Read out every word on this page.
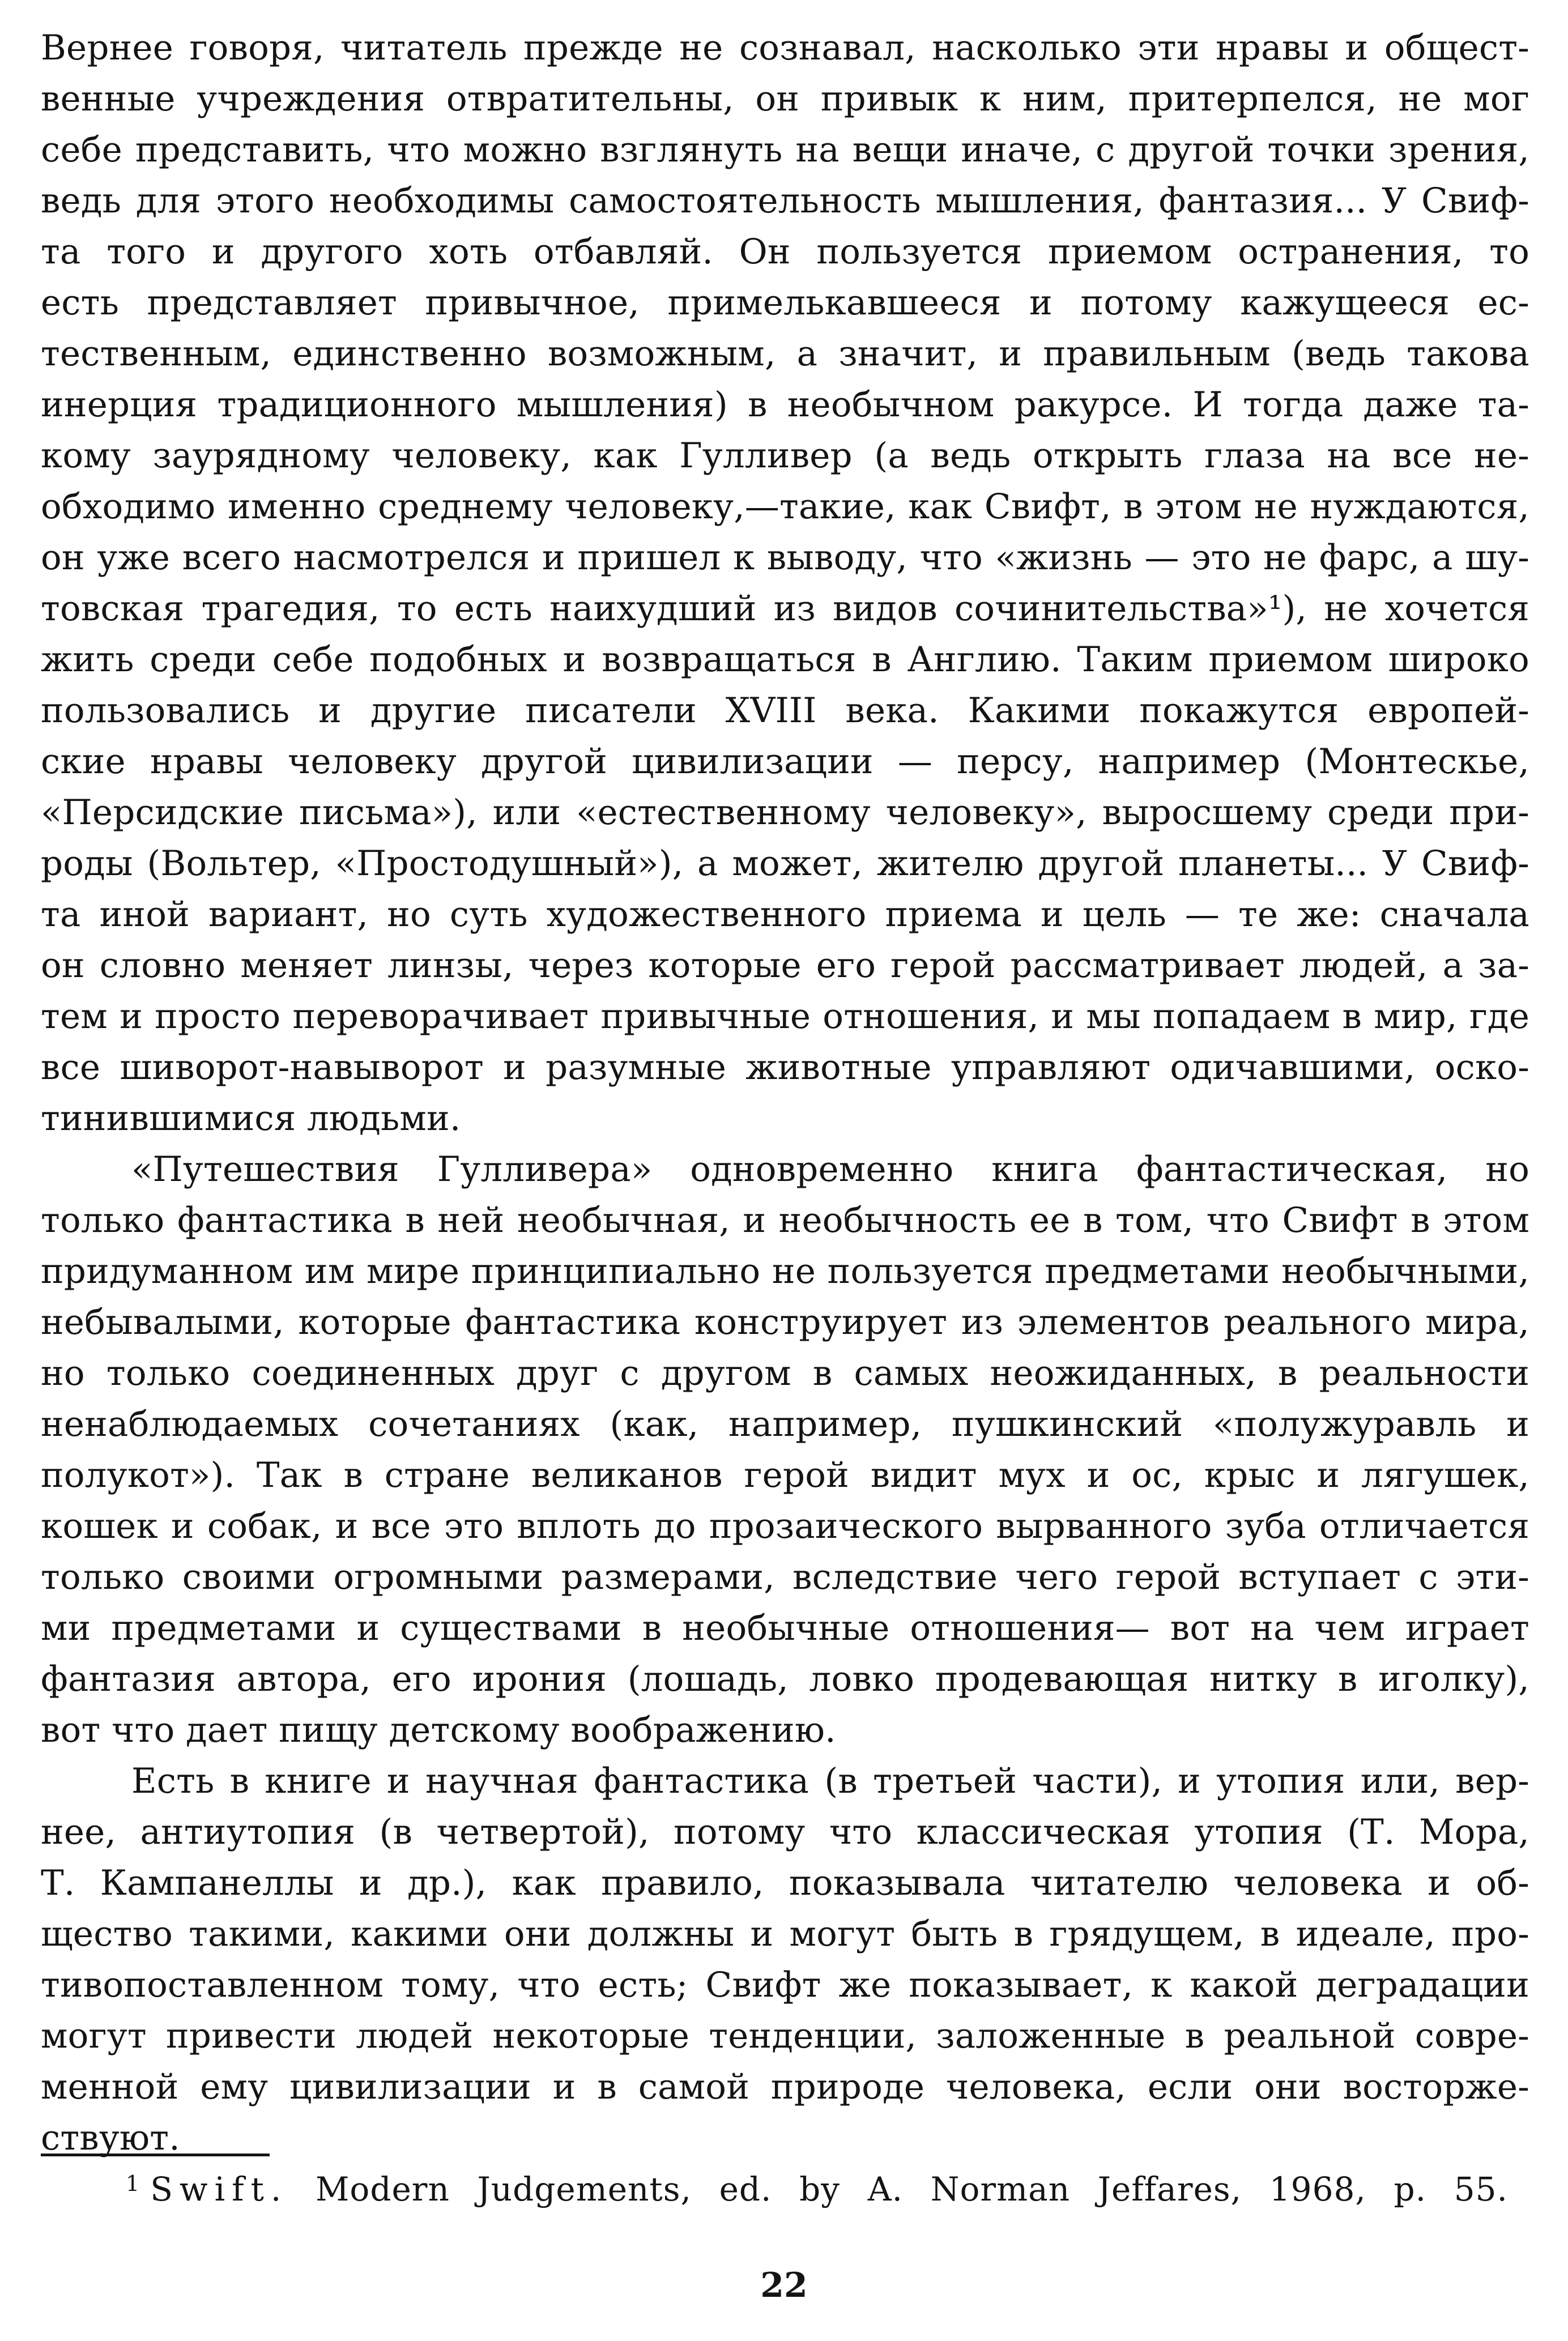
Вернее говоря, читатель прежде не сознавал, насколько эти нравы и общест-
венные учреждения отвратительны, он привык к ним, притерпелся, не мог
себе представить, что можно взглянуть на вещи иначе, с другой точки зрения,
ведь для этого необходимы самостоятельность мышления, фантазия... У Свиф-
та того и другого хоть отбавляй. Он пользуется приемом остранения, то
есть представляет привычное, примелькавшееся и потому кажущееся ес-
тественным, единственно возможным, а значит, и правильным (ведь такова
инерция традиционного мышления) в необычном ракурсе. И тогда даже та-
кому заурядному человеку, как Гулливер (а ведь открыть глаза на все не-
обходимо именно среднему человеку,—такие, как Свифт, в этом не нуждаются,
он уже всего насмотрелся и пришел к выводу, что «жизнь — это не фарс, а шу-
товская трагедия, то есть наихудший из видов сочинительства»¹), не хочется
жить среди себе подобных и возвращаться в Англию. Таким приемом широко
пользовались и другие писатели XVIII века. Какими покажутся европей-
ские нравы человеку другой цивилизации — персу, например (Монтескье,
«Персидские письма»), или «естественному человеку», выросшему среди при-
роды (Вольтер, «Простодушный»), а может, жителю другой планеты... У Свиф-
та иной вариант, но суть художественного приема и цель — те же: сначала
он словно меняет линзы, через которые его герой рассматривает людей, а за-
тем и просто переворачивает привычные отношения, и мы попадаем в мир, где
все шиворот-навыворот и разумные животные управляют одичавшими, оско-
тинившимися людьми.
«Путешествия Гулливера» одновременно книга фантастическая, но
только фантастика в ней необычная, и необычность ее в том, что Свифт в этом
придуманном им мире принципиально не пользуется предметами необычными,
небывалыми, которые фантастика конструирует из элементов реального мира,
но только соединенных друг с другом в самых неожиданных, в реальности
ненаблюдаемых сочетаниях (как, например, пушкинский «полужуравль и
полукот»). Так в стране великанов герой видит мух и ос, крыс и лягушек,
кошек и собак, и все это вплоть до прозаического вырванного зуба отличается
только своими огромными размерами, вследствие чего герой вступает с эти-
ми предметами и существами в необычные отношения— вот на чем играет
фантазия автора, его ирония (лошадь, ловко продевающая нитку в иголку),
вот что дает пищу детскому воображению.
Есть в книге и научная фантастика (в третьей части), и утопия или, вер-
нее, антиутопия (в четвертой), потому что классическая утопия (Т. Мора,
Т. Кампанеллы и др.), как правило, показывала читателю человека и об-
щество такими, какими они должны и могут быть в грядущем, в идеале, про-
тивопоставленном тому, что есть; Свифт же показывает, к какой деградации
могут привести людей некоторые тенденции, заложенные в реальной совре-
менной ему цивилизации и в самой природе человека, если они восторже-
ствуют.
$^1$ Swift. Modern Judgements, ed. by A. Norman Jeffares, 1968, p. 55.
22
